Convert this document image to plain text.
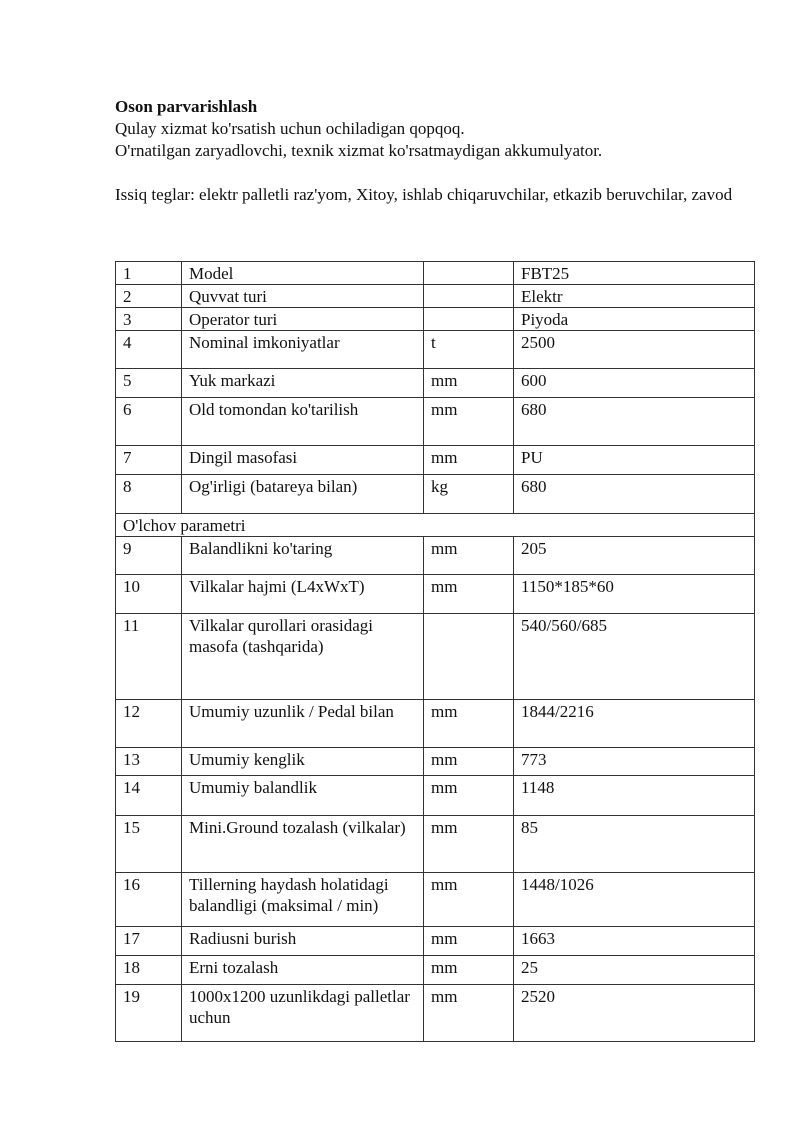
Oson parvarishlash

Qulay xizmat ko'rsatish uchun ochiladigan qopqoq.

O'rnatilgan zaryadlovchi, texnik xizmat ko'rsatmaydigan akkumulyator.

Issiq teglar: elektr palletli raz'yom, Xitoy, ishlab chiqaruvchilar, etkazib beruvchilar, zavod

1	Model		FBT25
2	Quvvat turi		Elektr
3	Operator turi		Piyoda
4	Nominal imkoniyatlar	t	2500
5	Yuk markazi	mm	600
6	Old tomondan ko'tarilish	mm	680
7	Dingil masofasi	mm	PU
8	Og'irligi (batareya bilan)	kg	680
O'lchov parametri			
9	Balandlikni ko'taring	mm	205
10	Vilkalar hajmi (L4xWxT)	mm	1150*185*60
11	Vilkalar qurollari orasidagi masofa (tashqarida)		540/560/685
12	Umumiy uzunlik / Pedal bilan	mm	1844/2216
13	Umumiy kenglik	mm	773
14	Umumiy balandlik	mm	1148
15	Mini.Ground tozalash (vilkalar)	mm	85
16	Tillerning haydash holatidagi balandligi (maksimal / min)	mm	1448/1026
17	Radiusni burish	mm	1663
18	Erni tozalash	mm	25
19	1000x1200 uzunlikdagi palletlar uchun	mm	2520
